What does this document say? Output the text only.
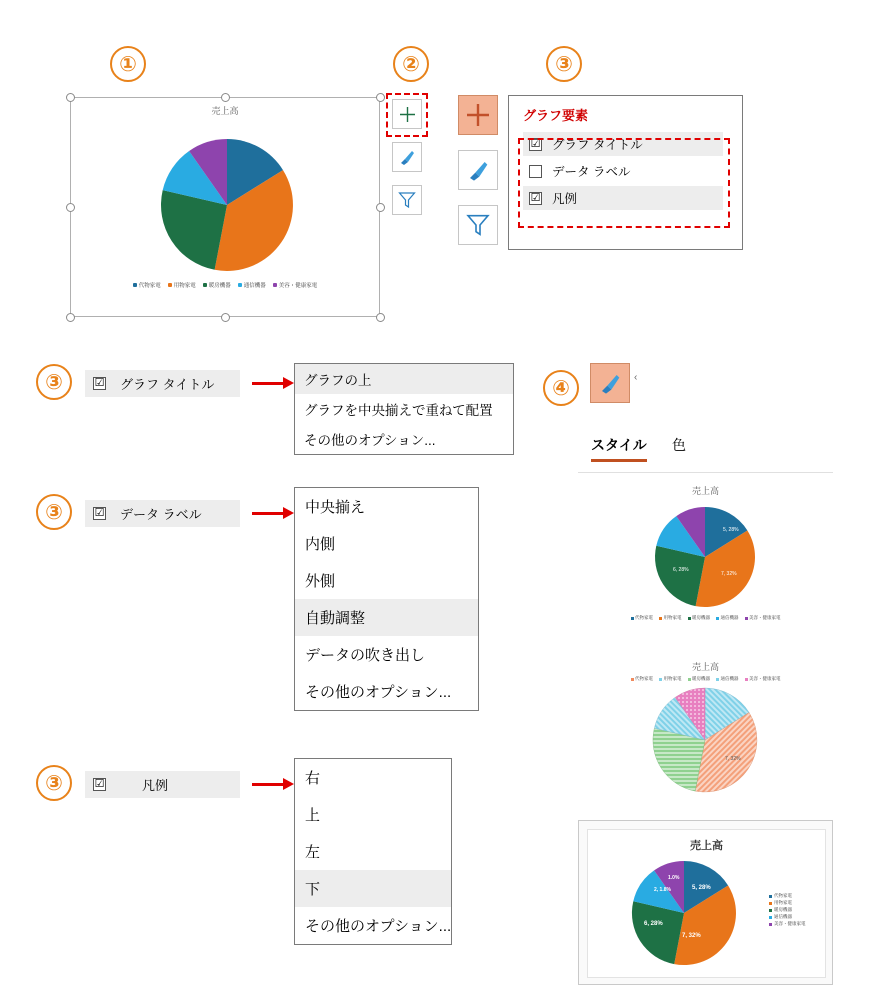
①	②	③
売上高
代物家電 用物家電 暖房機器 通信機器 美容・健康家電
グラフ要素
☑ グラフ タイトル
データ ラベル
☑ 凡例
③	☑ グラフ タイトル	グラフの上
グラフを中央揃えで重ねて配置
その他のオプション...
③	☑ データ ラベル	中央揃え
内側
外側
自動調整
データの吹き出し
その他のオプション...
③	☑	凡例	右
上
左
下
その他のオプション...
④	‹
スタイル 色
売上高
5, 28%
7, 32%
6, 28%
代物家電 用物家電 暖房機器 通信機器 美容・健康家電
売上高
代物家電 用物家電 暖房機器 通信機器 美容・健康家電
7, 32%
売上高
5, 28%
7, 32%
6, 28%
2, 1.8%
1.0%
代物家電
用物家電
暖房機器
通信機器
美容・健康家電
